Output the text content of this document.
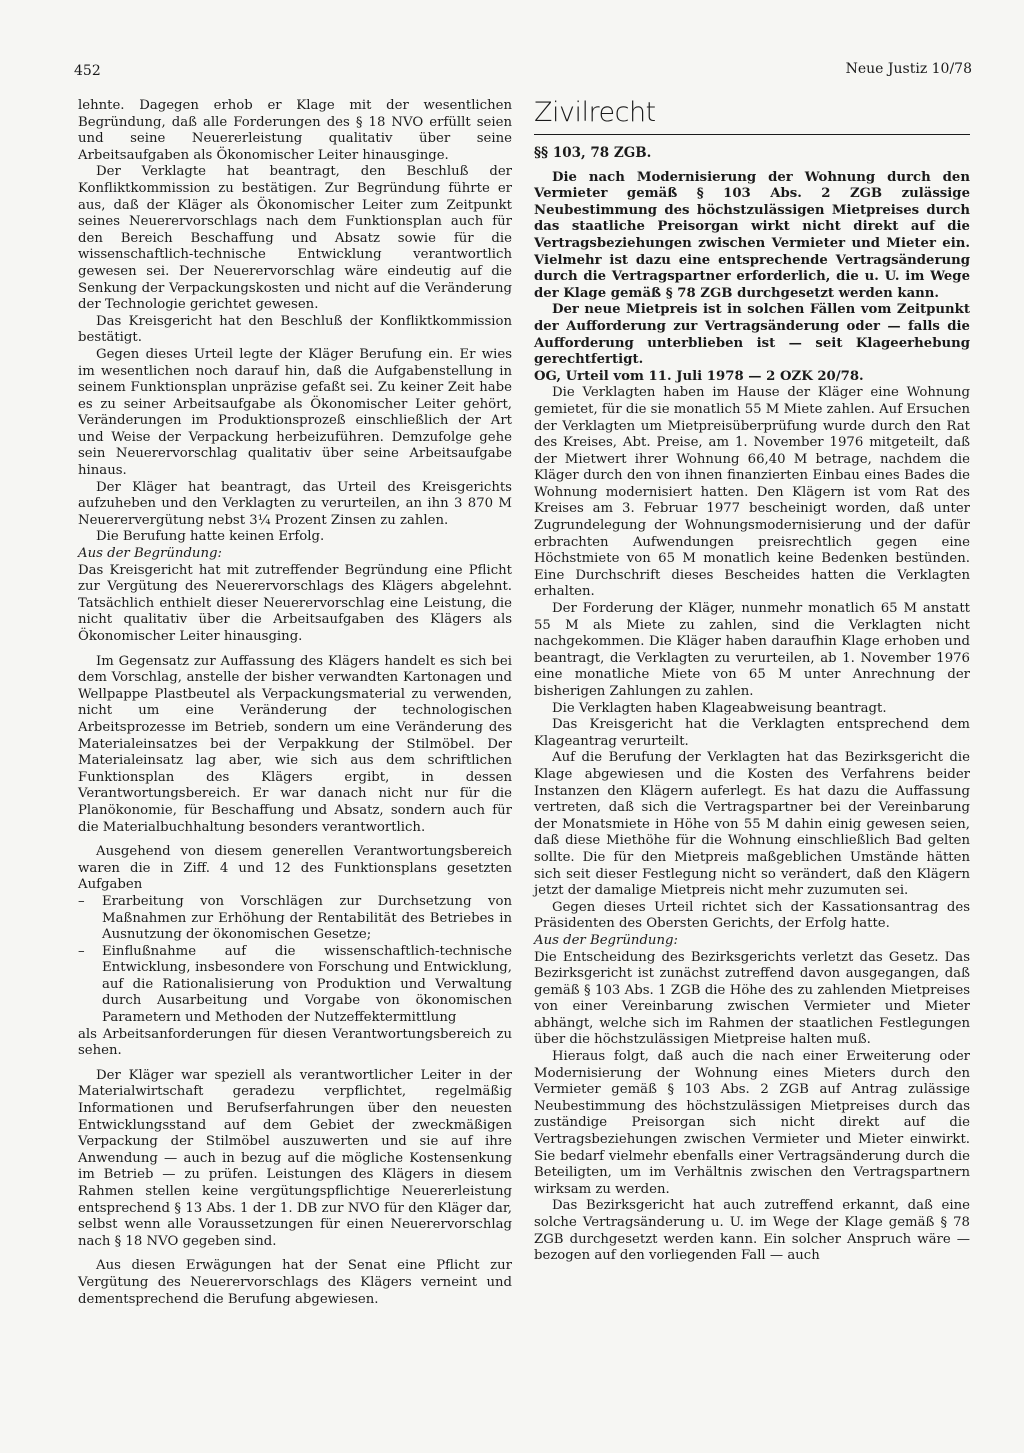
452	Neue Justiz 10/78

lehnte. Dagegen erhob er Klage mit der wesentlichen Begründung, daß alle Forderungen des § 18 NVO erfüllt seien und seine Neuererleistung qualitativ über seine Arbeitsaufgaben als Ökonomischer Leiter hinausginge.

Der Verklagte hat beantragt, den Beschluß der Konfliktkommission zu bestätigen. Zur Begründung führte er aus, daß der Kläger als Ökonomischer Leiter zum Zeitpunkt seines Neuerervorschlags nach dem Funktionsplan auch für den Bereich Beschaffung und Absatz sowie für die wissenschaftlich-technische Entwicklung verantwortlich gewesen sei. Der Neuerervorschlag wäre eindeutig auf die Senkung der Verpackungskosten und nicht auf die Veränderung der Technologie gerichtet gewesen.

Das Kreisgericht hat den Beschluß der Konfliktkommission bestätigt.

Gegen dieses Urteil legte der Kläger Berufung ein. Er wies im wesentlichen noch darauf hin, daß die Aufgabenstellung in seinem Funktionsplan unpräzise gefaßt sei. Zu keiner Zeit habe es zu seiner Arbeitsaufgabe als Ökonomischer Leiter gehört, Veränderungen im Produktionsprozeß einschließlich der Art und Weise der Verpackung herbeizuführen. Demzufolge gehe sein Neuerervorschlag qualitativ über seine Arbeitsaufgabe hinaus.

Der Kläger hat beantragt, das Urteil des Kreisgerichts aufzuheben und den Verklagten zu verurteilen, an ihn 3 870 M Neuerervergütung nebst 3¼ Prozent Zinsen zu zahlen.

Die Berufung hatte keinen Erfolg.

Aus der Begründung:

Das Kreisgericht hat mit zutreffender Begründung eine Pflicht zur Vergütung des Neuerervorschlags des Klägers abgelehnt. Tatsächlich enthielt dieser Neuerervorschlag eine Leistung, die nicht qualitativ über die Arbeitsaufgaben des Klägers als Ökonomischer Leiter hinausging.

Im Gegensatz zur Auffassung des Klägers handelt es sich bei dem Vorschlag, anstelle der bisher verwandten Kartonagen und Wellpappe Plastbeutel als Verpackungsmaterial zu verwenden, nicht um eine Veränderung der technologischen Arbeitsprozesse im Betrieb, sondern um eine Veränderung des Materialeinsatzes bei der Verpakkung der Stilmöbel. Der Materialeinsatz lag aber, wie sich aus dem schriftlichen Funktionsplan des Klägers ergibt, in dessen Verantwortungsbereich. Er war danach nicht nur für die Planökonomie, für Beschaffung und Absatz, sondern auch für die Materialbuchhaltung besonders verantwortlich.

Ausgehend von diesem generellen Verantwortungsbereich waren die in Ziff. 4 und 12 des Funktionsplans gesetzten Aufgaben

– Erarbeitung von Vorschlägen zur Durchsetzung von Maßnahmen zur Erhöhung der Rentabilität des Betriebes in Ausnutzung der ökonomischen Gesetze;
– Einflußnahme auf die wissenschaftlich-technische Entwicklung, insbesondere von Forschung und Entwicklung, auf die Rationalisierung von Produktion und Verwaltung durch Ausarbeitung und Vorgabe von ökonomischen Parametern und Methoden der Nutzeffektermittlung

als Arbeitsanforderungen für diesen Verantwortungsbereich zu sehen.

Der Kläger war speziell als verantwortlicher Leiter in der Materialwirtschaft geradezu verpflichtet, regelmäßig Informationen und Berufserfahrungen über den neuesten Entwicklungsstand auf dem Gebiet der zweckmäßigen Verpackung der Stilmöbel auszuwerten und sie auf ihre Anwendung — auch in bezug auf die mögliche Kostensenkung im Betrieb — zu prüfen. Leistungen des Klägers in diesem Rahmen stellen keine vergütungspflichtige Neuererleistung entsprechend § 13 Abs. 1 der 1. DB zur NVO für den Kläger dar, selbst wenn alle Voraussetzungen für einen Neuerervorschlag nach § 18 NVO gegeben sind.

Aus diesen Erwägungen hat der Senat eine Pflicht zur Vergütung des Neuerervorschlags des Klägers verneint und dementsprechend die Berufung abgewiesen.

Zivilrecht
§§ 103, 78 ZGB.

Die nach Modernisierung der Wohnung durch den Vermieter gemäß § 103 Abs. 2 ZGB zulässige Neubestimmung des höchstzulässigen Mietpreises durch das staatliche Preisorgan wirkt nicht direkt auf die Vertragsbeziehungen zwischen Vermieter und Mieter ein. Vielmehr ist dazu eine entsprechende Vertragsänderung durch die Vertragspartner erforderlich, die u. U. im Wege der Klage gemäß § 78 ZGB durchgesetzt werden kann.

Der neue Mietpreis ist in solchen Fällen vom Zeitpunkt der Aufforderung zur Vertragsänderung oder — falls die Aufforderung unterblieben ist — seit Klageerhebung gerechtfertigt.

OG, Urteil vom 11. Juli 1978 — 2 OZK 20/78.

Die Verklagten haben im Hause der Kläger eine Wohnung gemietet, für die sie monatlich 55 M Miete zahlen. Auf Ersuchen der Verklagten um Mietpreisüberprüfung wurde durch den Rat des Kreises, Abt. Preise, am 1. November 1976 mitgeteilt, daß der Mietwert ihrer Wohnung 66,40 M betrage, nachdem die Kläger durch den von ihnen finanzierten Einbau eines Bades die Wohnung modernisiert hatten. Den Klägern ist vom Rat des Kreises am 3. Februar 1977 bescheinigt worden, daß unter Zugrundelegung der Wohnungsmodernisierung und der dafür erbrachten Aufwendungen preisrechtlich gegen eine Höchstmiete von 65 M monatlich keine Bedenken bestünden. Eine Durchschrift dieses Bescheides hatten die Verklagten erhalten.

Der Forderung der Kläger, nunmehr monatlich 65 M anstatt 55 M als Miete zu zahlen, sind die Verklagten nicht nachgekommen. Die Kläger haben daraufhin Klage erhoben und beantragt, die Verklagten zu verurteilen, ab 1. November 1976 eine monatliche Miete von 65 M unter Anrechnung der bisherigen Zahlungen zu zahlen.

Die Verklagten haben Klageabweisung beantragt.

Das Kreisgericht hat die Verklagten entsprechend dem Klageantrag verurteilt.

Auf die Berufung der Verklagten hat das Bezirksgericht die Klage abgewiesen und die Kosten des Verfahrens beider Instanzen den Klägern auferlegt. Es hat dazu die Auffassung vertreten, daß sich die Vertragspartner bei der Vereinbarung der Monatsmiete in Höhe von 55 M dahin einig gewesen seien, daß diese Miethöhe für die Wohnung einschließlich Bad gelten sollte. Die für den Mietpreis maßgeblichen Umstände hätten sich seit dieser Festlegung nicht so verändert, daß den Klägern jetzt der damalige Mietpreis nicht mehr zuzumuten sei.

Gegen dieses Urteil richtet sich der Kassationsantrag des Präsidenten des Obersten Gerichts, der Erfolg hatte.

Aus der Begründung:

Die Entscheidung des Bezirksgerichts verletzt das Gesetz. Das Bezirksgericht ist zunächst zutreffend davon ausgegangen, daß gemäß § 103 Abs. 1 ZGB die Höhe des zu zahlenden Mietpreises von einer Vereinbarung zwischen Vermieter und Mieter abhängt, welche sich im Rahmen der staatlichen Festlegungen über die höchstzulässigen Mietpreise halten muß.

Hieraus folgt, daß auch die nach einer Erweiterung oder Modernisierung der Wohnung eines Mieters durch den Vermieter gemäß § 103 Abs. 2 ZGB auf Antrag zulässige Neubestimmung des höchstzulässigen Mietpreises durch das zuständige Preisorgan sich nicht direkt auf die Vertragsbeziehungen zwischen Vermieter und Mieter einwirkt. Sie bedarf vielmehr ebenfalls einer Vertragsänderung durch die Beteiligten, um im Verhältnis zwischen den Vertragspartnern wirksam zu werden.

Das Bezirksgericht hat auch zutreffend erkannt, daß eine solche Vertragsänderung u. U. im Wege der Klage gemäß § 78 ZGB durchgesetzt werden kann. Ein solcher Anspruch wäre — bezogen auf den vorliegenden Fall — auch
